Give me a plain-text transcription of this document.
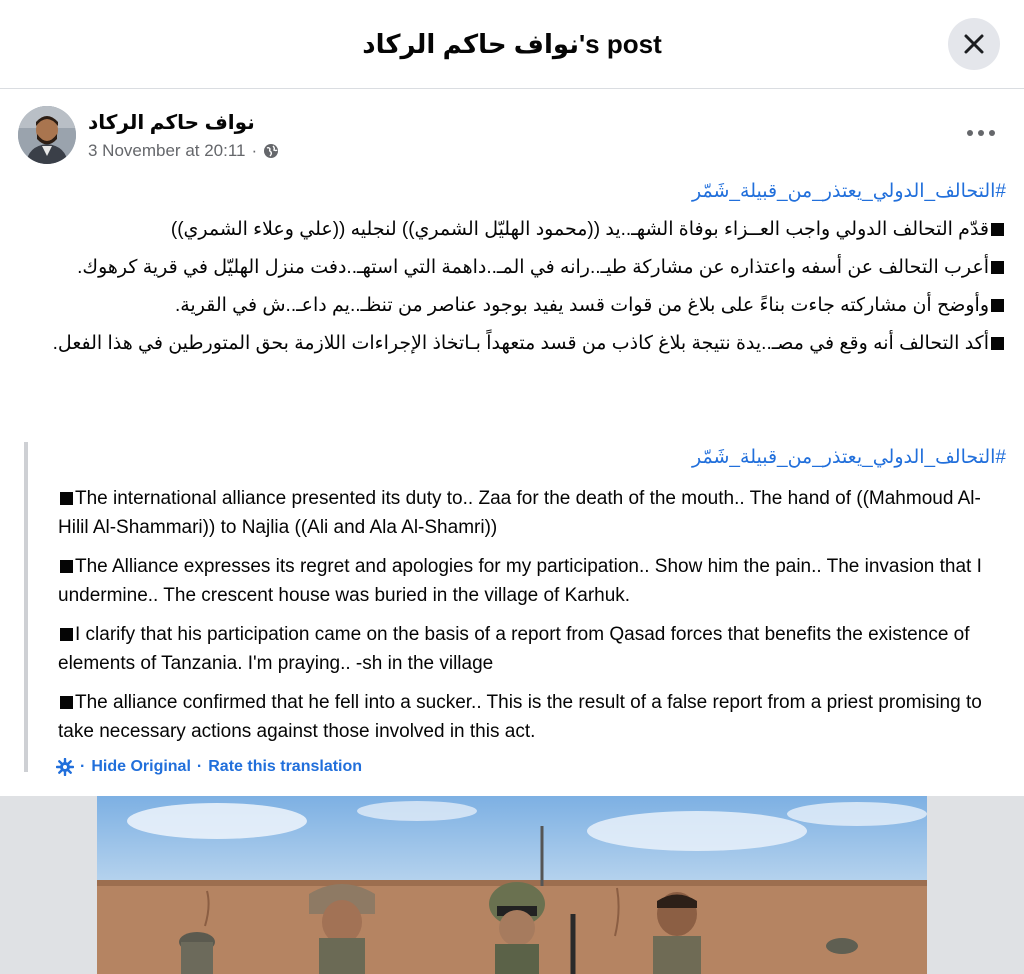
نواف حاكم الركاد's post
نواف حاكم الركاد
3 November at 20:11 ·

#التحالف_الدولي_يعتذر_من_قبيلة_شَمّر

قدّم التحالف الدولي واجب العــزاء بوفاة الشهـ..يد ((محمود الهليّل الشمري)) لنجليه ((علي وعلاء الشمري))

أعرب التحالف عن أسفه واعتذاره عن مشاركة طيـ..رانه في المـ..داهمة التي استهـ..دفت منزل الهليّل في قرية كرهوك.

وأوضح أن مشاركته جاءت بناءً على بلاغ من قوات قسد يفيد بوجود عناصر من تنظـ..يم داعـ..ش في القرية.

أكد التحالف أنه وقع في مصـ..يدة نتيجة بلاغ كاذب من قسد متعهداً بـاتخاذ الإجراءات اللازمة بحق المتورطين في هذا الفعل.

#التحالف_الدولي_يعتذر_من_قبيلة_شَمّر

The international alliance presented its duty to.. Zaa for the death of the mouth.. The hand of ((Mahmoud Al-Hilil Al-Shammari)) to Najlia ((Ali and Ala Al-Shamri))

The Alliance expresses its regret and apologies for my participation.. Show him the pain.. The invasion that I undermine.. The crescent house was buried in the village of Karhuk.

I clarify that his participation came on the basis of a report from Qasad forces that benefits the existence of elements of Tanzania. I'm praying.. -sh in the village

The alliance confirmed that he fell into a sucker.. This is the result of a false report from a priest promising to take necessary actions against those involved in this act.

· Hide Original · Rate this translation
